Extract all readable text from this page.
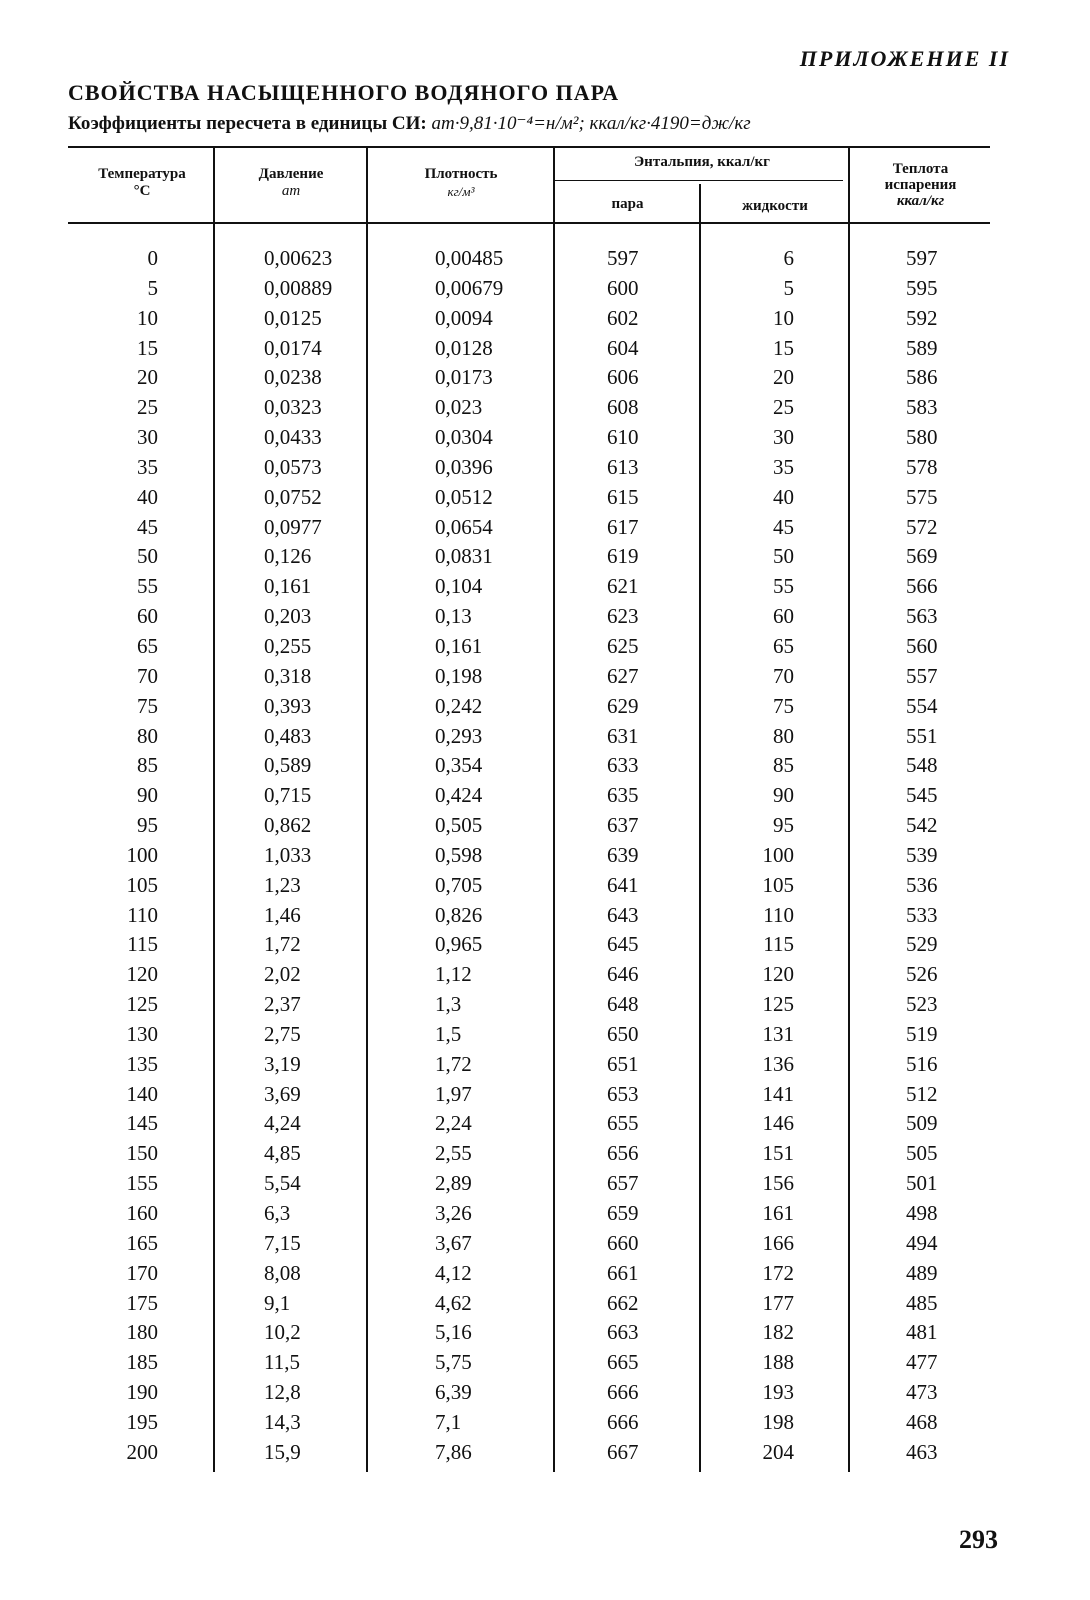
ПРИЛОЖЕНИЕ II
СВОЙСТВА НАСЫЩЕННОГО ВОДЯНОГО ПАРА
Коэффициенты пересчета в единицы СИ: ат·9,81·10⁻⁴=н/м²; ккал/кг·4190=дж/кг
Температура
°С
Давление
ат
Плотность
кг/м³
Энтальпия, ккал/кг
пара	жидкости
Теплота
испарения
ккал/кг
0	0,00623	0,00485	597	6	597
5	0,00889	0,00679	600	5	595
10	0,0125	0,0094	602	10	592
15	0,0174	0,0128	604	15	589
20	0,0238	0,0173	606	20	586
25	0,0323	0,023	608	25	583
30	0,0433	0,0304	610	30	580
35	0,0573	0,0396	613	35	578
40	0,0752	0,0512	615	40	575
45	0,0977	0,0654	617	45	572
50	0,126	0,0831	619	50	569
55	0,161	0,104	621	55	566
60	0,203	0,13	623	60	563
65	0,255	0,161	625	65	560
70	0,318	0,198	627	70	557
75	0,393	0,242	629	75	554
80	0,483	0,293	631	80	551
85	0,589	0,354	633	85	548
90	0,715	0,424	635	90	545
95	0,862	0,505	637	95	542
100	1,033	0,598	639	100	539
105	1,23	0,705	641	105	536
110	1,46	0,826	643	110	533
115	1,72	0,965	645	115	529
120	2,02	1,12	646	120	526
125	2,37	1,3	648	125	523
130	2,75	1,5	650	131	519
135	3,19	1,72	651	136	516
140	3,69	1,97	653	141	512
145	4,24	2,24	655	146	509
150	4,85	2,55	656	151	505
155	5,54	2,89	657	156	501
160	6,3	3,26	659	161	498
165	7,15	3,67	660	166	494
170	8,08	4,12	661	172	489
175	9,1	4,62	662	177	485
180	10,2	5,16	663	182	481
185	11,5	5,75	665	188	477
190	12,8	6,39	666	193	473
195	14,3	7,1	666	198	468
200	15,9	7,86	667	204	463
293
